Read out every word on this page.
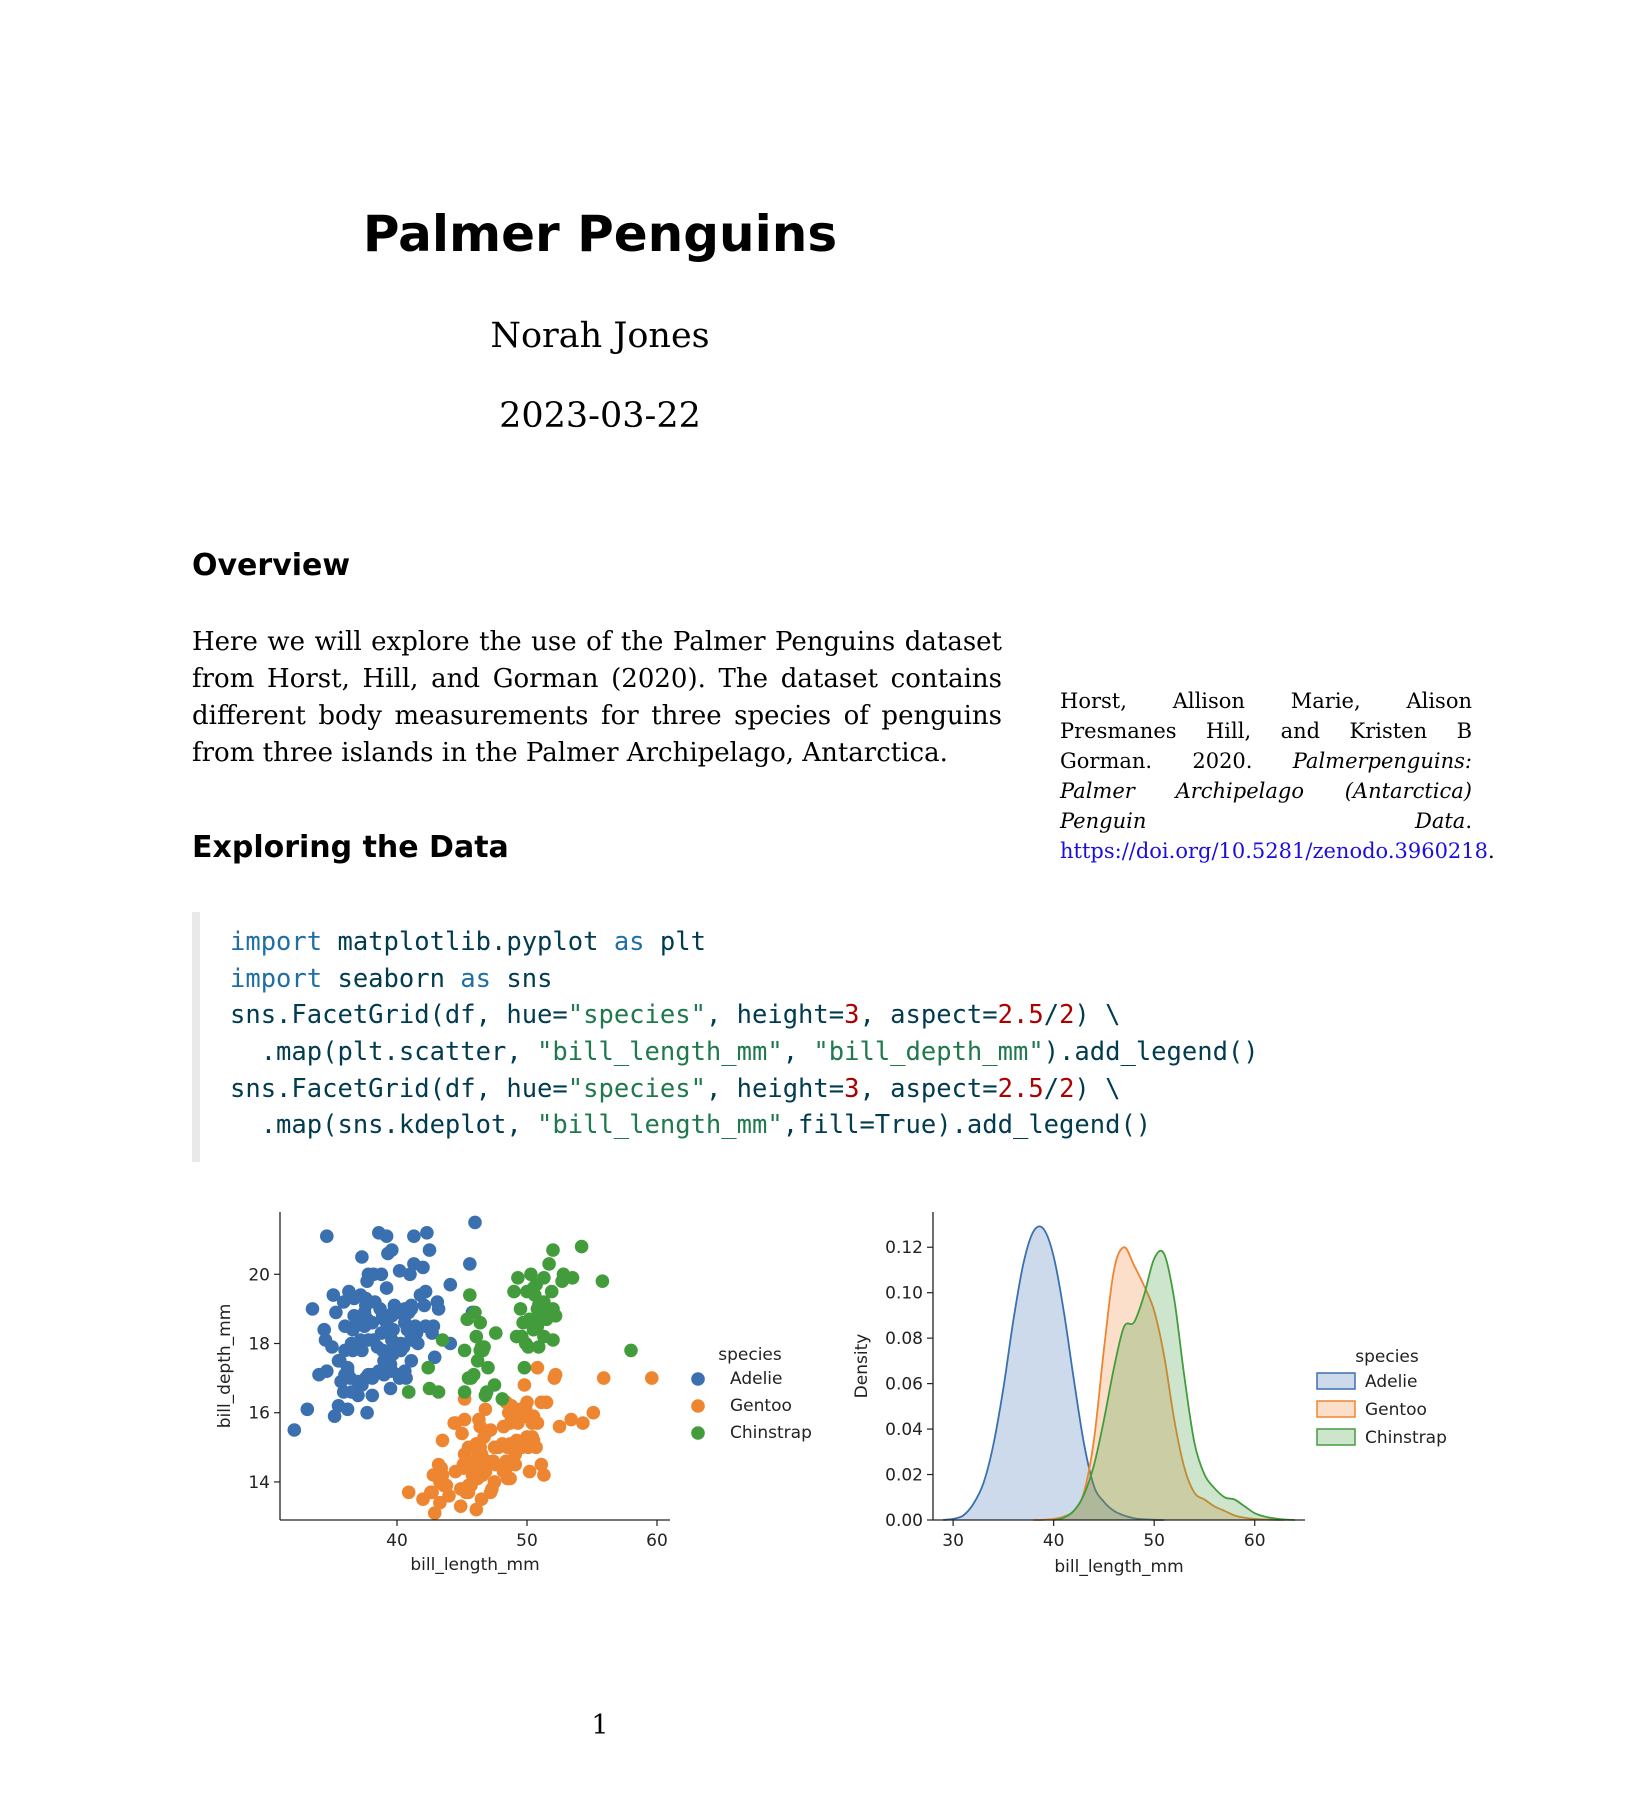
Palmer Penguins
Norah Jones
2023-03-22
Overview
Here we will explore the use of the Palmer Penguins dataset from Horst, Hill, and Gorman (2020). The dataset contains different body measurements for three species of penguins from three islands in the Palmer Archipelago, Antarctica.
Horst, Allison Marie, Alison Presmanes Hill, and Kristen B Gorman. 2020. Palmerpenguins: Palmer Archipelago (Antarctica) Penguin Data. https://doi.org/10.5281/zenodo.3960218.
Exploring the Data
import matplotlib.pyplot as plt
import seaborn as sns
sns.FacetGrid(df, hue="species", height=3, aspect=2.5/2) \
.map(plt.scatter, "bill_length_mm", "bill_depth_mm").add_legend()
sns.FacetGrid(df, hue="species", height=3, aspect=2.5/2) \
.map(sns.kdeplot, "bill_length_mm",fill=True).add_legend()
40	50	60
14
16
18
20
bill_length_mm
bill_depth_mm	species
Adelie
Gentoo
Chinstrap
30	40	50	60
0.00
0.02
0.04
0.06
0.08
0.10
0.12
bill_length_mm
Density	species
Adelie
Gentoo
Chinstrap
1
